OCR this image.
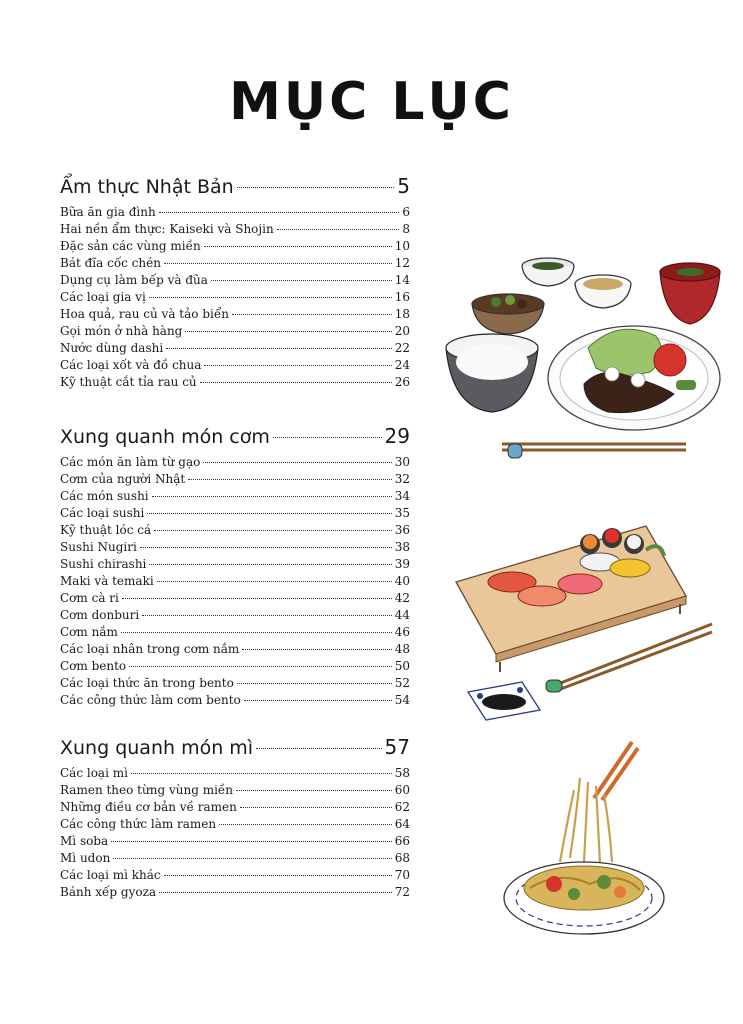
MỤC LỤC
Ẩm thực Nhật Bản	5
Bữa ăn gia đình	6
Hai nền ẩm thực: Kaiseki và Shojin	8
Đặc sản các vùng miền	10
Bát đĩa cốc chén	12
Dụng cụ làm bếp và đũa	14
Các loại gia vị	16
Hoa quả, rau củ và tảo biển	18
Gọi món ở nhà hàng	20
Nước dùng dashi	22
Các loại xốt và đồ chua	24
Kỹ thuật cắt tỉa rau củ	26
Xung quanh món cơm	29
Các món ăn làm từ gạo	30
Cơm của người Nhật	32
Các món sushi	34
Các loại sushi	35
Kỹ thuật lóc cá	36
Sushi Nugiri	38
Sushi chirashi	39
Maki và temaki	40
Cơm cà ri	42
Cơm donburi	44
Cơm nắm	46
Các loại nhân trong cơm nắm	48
Cơm bento	50
Các loại thức ăn trong bento	52
Các công thức làm cơm bento	54
Xung quanh món mì	57
Các loại mì	58
Ramen theo từng vùng miền	60
Những điều cơ bản về ramen	62
Các công thức làm ramen	64
Mì soba	66
Mì udon	68
Các loại mì khác	70
Bánh xếp gyoza	72
